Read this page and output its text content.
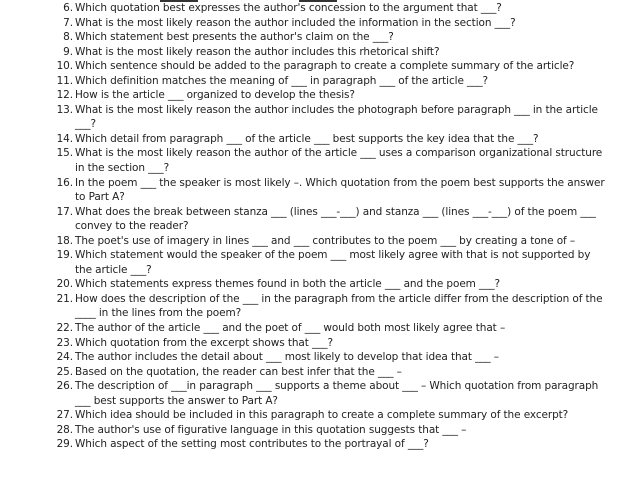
6 . Which quotation best expresses the author's concession to the argument that ___?
7 . What is the most likely reason the author included the information in the section ___?
8 . Which statement best presents the author's claim on the ___?
9 . What is the most likely reason the author includes this rhetorical shift?
10 . Which sentence should be added to the paragraph to create a complete summary of the article?
11 . Which definition matches the meaning of ___ in paragraph ___ of the article ___?
12 . How is the article ___ organized to develop the thesis?
13 . What is the most likely reason the author includes the photograph before paragraph ___ in the article ___?
14 . Which detail from paragraph ___ of the article ___ best supports the key idea that the ___?
15 . What is the most likely reason the author of the article ___ uses a comparison organizational structure in the section ___?
16 . In the poem ___ the speaker is most likely –. Which quotation from the poem best supports the answer to Part A?
17 . What does the break between stanza ___ (lines ___-___) and stanza ___ (lines ___-___) of the poem ___ convey to the reader?
18 . The poet's use of imagery in lines ___ and ___ contributes to the poem ___ by creating a tone of –
19 . Which statement would the speaker of the poem ___ most likely agree with that is not supported by the article ___?
20 . Which statements express themes found in both the article ___ and the poem ___?
21 . How does the description of the ___ in the paragraph from the article differ from the description of the ____ in the lines from the poem?
22 . The author of the article ___ and the poet of ___ would both most likely agree that –
23 . Which quotation from the excerpt shows that ___?
24 . The author includes the detail about ___ most likely to develop that idea that ___ –
25 . Based on the quotation, the reader can best infer that the ___ –
26 . The description of ___in paragraph ___ supports a theme about ___ – Which quotation from paragraph ___ best supports the answer to Part A?
27 . Which idea should be included in this paragraph to create a complete summary of the excerpt?
28 . The author's use of figurative language in this quotation suggests that ___ –
29 . Which aspect of the setting most contributes to the portrayal of ___?
